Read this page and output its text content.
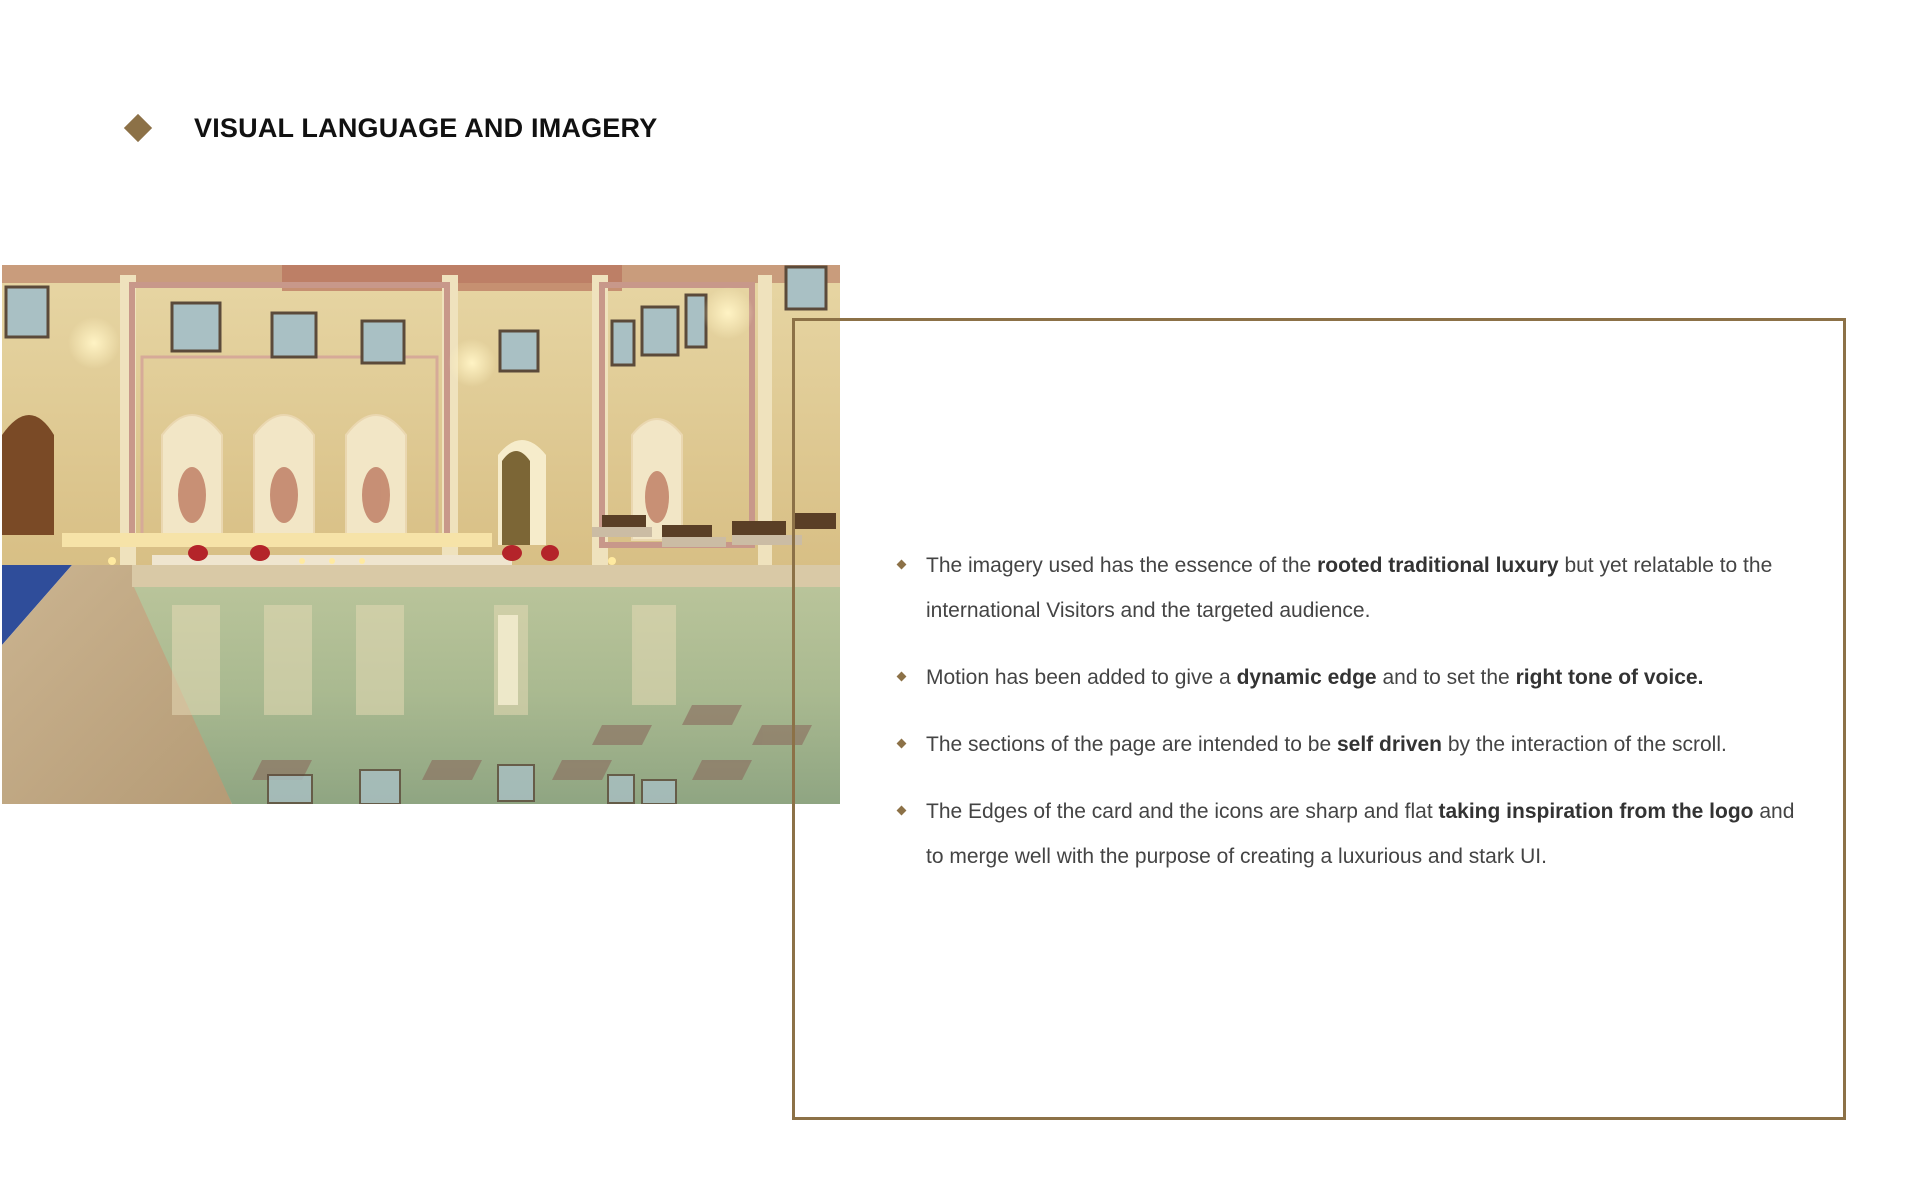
VISUAL LANGUAGE AND IMAGERY
The imagery used has the essence of the rooted traditional luxury but yet relatable to the international Visitors and the targeted audience.
Motion has been added to give a dynamic edge and to set the right tone of voice.
The sections of the page are intended to be self driven by the interaction of the scroll.
The Edges of the card and the icons are sharp and flat taking inspiration from the logo and to merge well with the purpose of creating a luxurious and stark UI.
